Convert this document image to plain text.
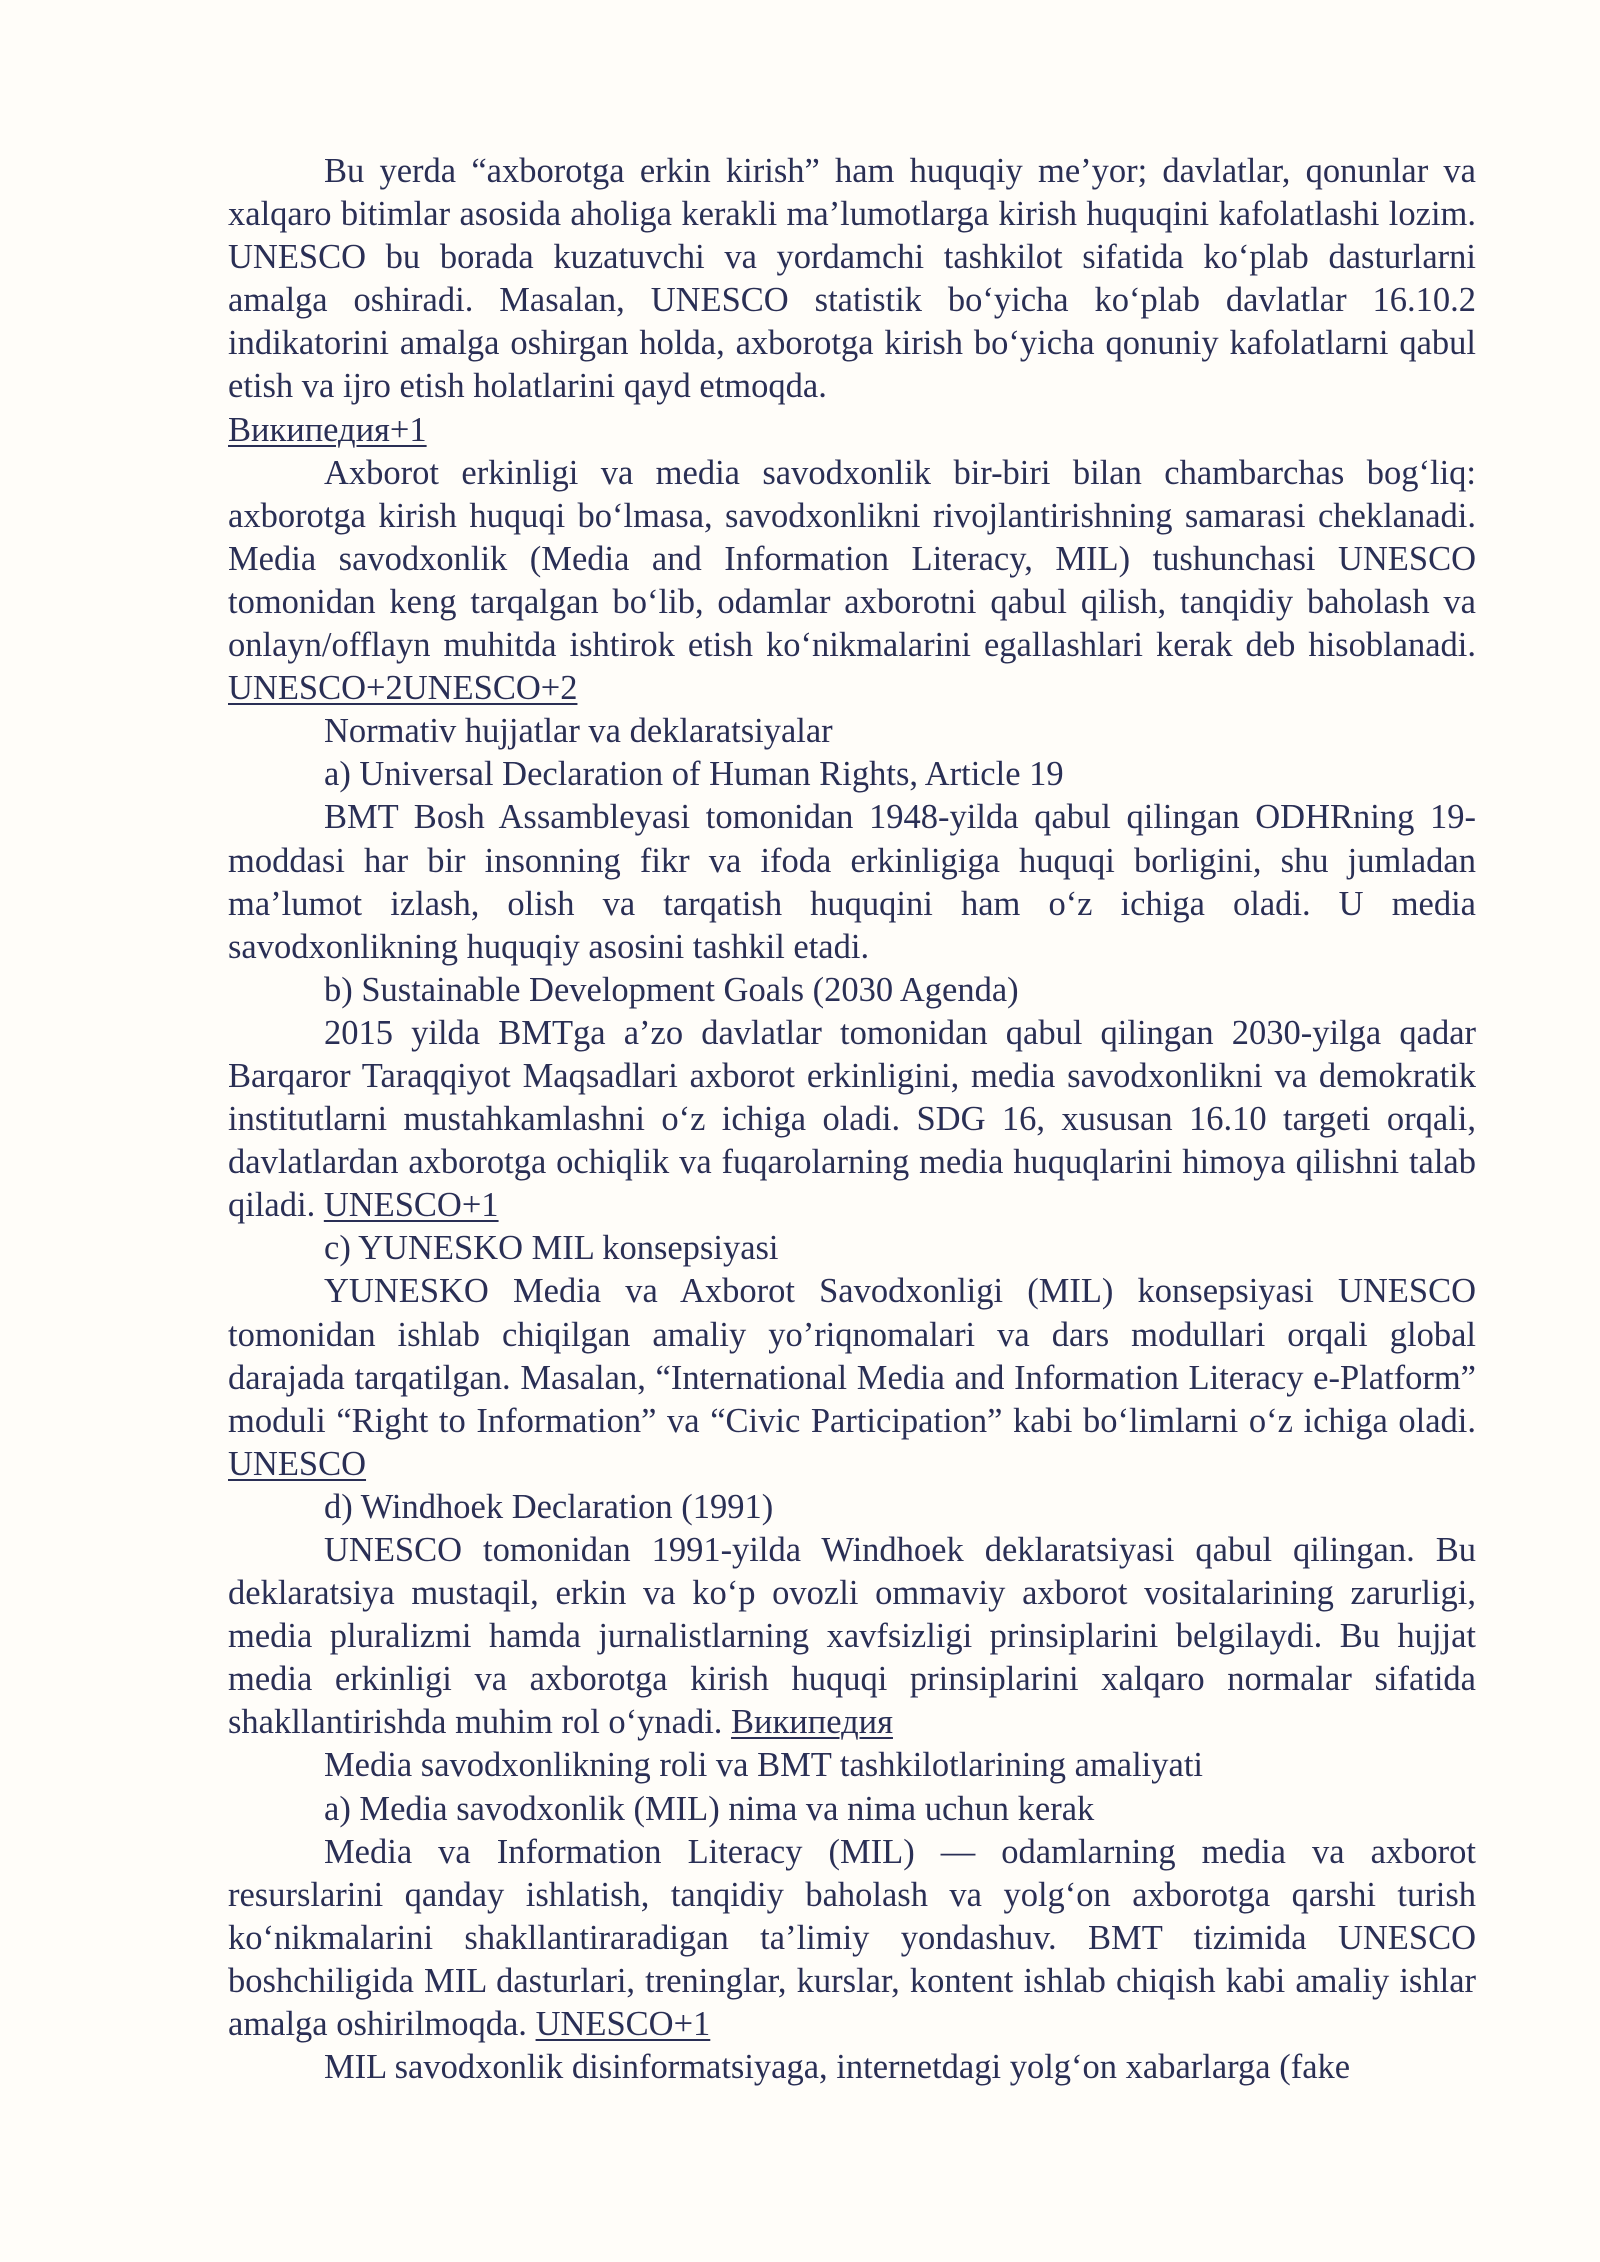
Bu yerda “axborotga erkin kirish” ham huquqiy me’yor; davlatlar, qonunlar va xalqaro bitimlar asosida aholiga kerakli ma’lumotlarga kirish huquqini kafolatlashi lozim. UNESCO bu borada kuzatuvchi va yordamchi tashkilot sifatida koʻplab dasturlarni amalga oshiradi. Masalan, UNESCO statistik boʻyicha koʻplab davlatlar 16.10.2 indikatorini amalga oshirgan holda, axborotga kirish boʻyicha qonuniy kafolatlarni qabul etish va ijro etish holatlarini qayd etmoqda.
Википедия+1

Axborot erkinligi va media savodxonlik bir-biri bilan chambarchas bogʻliq: axborotga kirish huquqi boʻlmasa, savodxonlikni rivojlantirishning samarasi cheklanadi. Media savodxonlik (Media and Information Literacy, MIL) tushunchasi UNESCO tomonidan keng tarqalgan boʻlib, odamlar axborotni qabul qilish, tanqidiy baholash va onlayn/offlayn muhitda ishtirok etish koʻnikmalarini egallashlari kerak deb hisoblanadi. UNESCO+2UNESCO+2

Normativ hujjatlar va deklaratsiyalar

a) Universal Declaration of Human Rights, Article 19

BMT Bosh Assambleyasi tomonidan 1948-yilda qabul qilingan ODHRning 19-moddasi har bir insonning fikr va ifoda erkinligiga huquqi borligini, shu jumladan ma’lumot izlash, olish va tarqatish huquqini ham oʻz ichiga oladi. U media savodxonlikning huquqiy asosini tashkil etadi.

b) Sustainable Development Goals (2030 Agenda)

2015 yilda BMTga a’zo davlatlar tomonidan qabul qilingan 2030-yilga qadar Barqaror Taraqqiyot Maqsadlari axborot erkinligini, media savodxonlikni va demokratik institutlarni mustahkamlashni oʻz ichiga oladi. SDG 16, xususan 16.10 targeti orqali, davlatlardan axborotga ochiqlik va fuqarolarning media huquqlarini himoya qilishni talab qiladi. UNESCO+1

c) YUNESKO MIL konsepsiyasi

YUNESKO Media va Axborot Savodxonligi (MIL) konsepsiyasi UNESCO tomonidan ishlab chiqilgan amaliy yo’riqnomalari va dars modullari orqali global darajada tarqatilgan. Masalan, “International Media and Information Literacy e-Platform” moduli “Right to Information” va “Civic Participation” kabi boʻlimlarni oʻz ichiga oladi. UNESCO

d) Windhoek Declaration (1991)

UNESCO tomonidan 1991-yilda Windhoek deklaratsiyasi qabul qilingan. Bu deklaratsiya mustaqil, erkin va koʻp ovozli ommaviy axborot vositalarining zarurligi, media pluralizmi hamda jurnalistlarning xavfsizligi prinsiplarini belgilaydi. Bu hujjat media erkinligi va axborotga kirish huquqi prinsiplarini xalqaro normalar sifatida shakllantirishda muhim rol oʻynadi. Википедия

Media savodxonlikning roli va BMT tashkilotlarining amaliyati

a) Media savodxonlik (MIL) nima va nima uchun kerak

Media va Information Literacy (MIL) — odamlarning media va axborot resurslarini qanday ishlatish, tanqidiy baholash va yolgʻon axborotga qarshi turish koʻnikmalarini shakllantiraradigan ta’limiy yondashuv. BMT tizimida UNESCO boshchiligida MIL dasturlari, treninglar, kurslar, kontent ishlab chiqish kabi amaliy ishlar amalga oshirilmoqda. UNESCO+1

MIL savodxonlik disinformatsiyaga, internetdagi yolgʻon xabarlarga (fake
